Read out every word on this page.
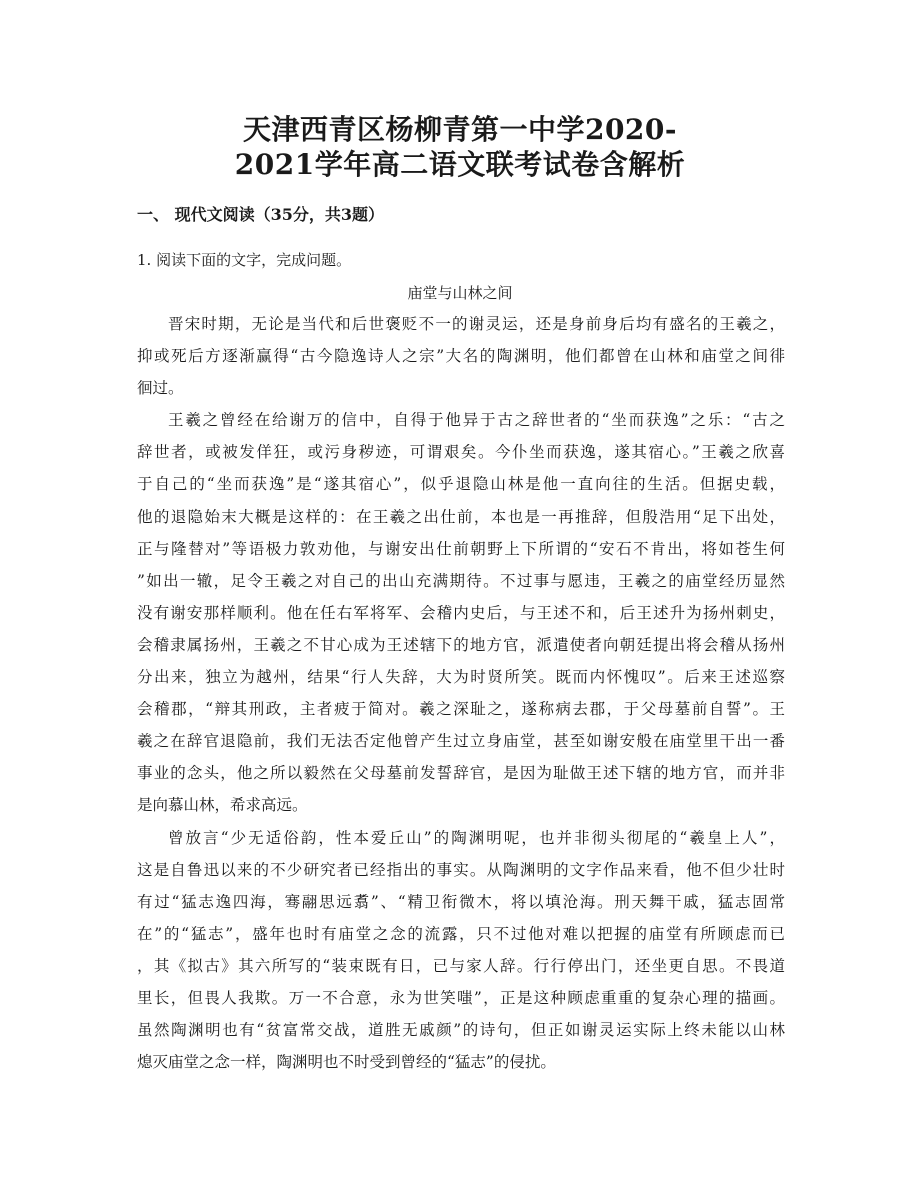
天津西青区杨柳青第一中学2020-
2021学年高二语文联考试卷含解析
一、 现代文阅读（35分，共3题）
1. 阅读下面的文字，完成问题。
庙堂与山林之间
晋宋时期，无论是当代和后世褒贬不一的谢灵运，还是身前身后均有盛名的王羲之，
抑或死后方逐渐赢得“古今隐逸诗人之宗”大名的陶渊明，他们都曾在山林和庙堂之间徘
徊过。
王羲之曾经在给谢万的信中，自得于他异于古之辞世者的“坐而获逸”之乐：“古之
辞世者，或被发佯狂，或污身秽迹，可谓艰矣。今仆坐而获逸，遂其宿心。”王羲之欣喜
于自己的“坐而获逸”是“遂其宿心”，似乎退隐山林是他一直向往的生活。但据史载，
他的退隐始末大概是这样的：在王羲之出仕前，本也是一再推辞，但殷浩用“足下出处，
正与隆替对”等语极力敦劝他，与谢安出仕前朝野上下所谓的“安石不肯出，将如苍生何
”如出一辙，足令王羲之对自己的出山充满期待。不过事与愿违，王羲之的庙堂经历显然
没有谢安那样顺利。他在任右军将军、会稽内史后，与王述不和，后王述升为扬州刺史，
会稽隶属扬州，王羲之不甘心成为王述辖下的地方官，派遣使者向朝廷提出将会稽从扬州
分出来，独立为越州，结果“行人失辞，大为时贤所笑。既而内怀愧叹”。后来王述巡察
会稽郡，“辩其刑政，主者疲于简对。羲之深耻之，遂称病去郡，于父母墓前自誓”。王
羲之在辞官退隐前，我们无法否定他曾产生过立身庙堂，甚至如谢安般在庙堂里干出一番
事业的念头，他之所以毅然在父母墓前发誓辞官，是因为耻做王述下辖的地方官，而并非
是向慕山林，希求高远。
曾放言“少无适俗韵，性本爱丘山”的陶渊明呢，也并非彻头彻尾的“羲皇上人”，
这是自鲁迅以来的不少研究者已经指出的事实。从陶渊明的文字作品来看，他不但少壮时
有过“猛志逸四海，骞翮思远翥”、“精卫衔微木，将以填沧海。刑天舞干戚，猛志固常
在”的“猛志”，盛年也时有庙堂之念的流露，只不过他对难以把握的庙堂有所顾虑而已
，其《拟古》其六所写的“装束既有日，已与家人辞。行行停出门，还坐更自思。不畏道
里长，但畏人我欺。万一不合意，永为世笑嗤”，正是这种顾虑重重的复杂心理的描画。
虽然陶渊明也有“贫富常交战，道胜无戚颜”的诗句，但正如谢灵运实际上终未能以山林
熄灭庙堂之念一样，陶渊明也不时受到曾经的“猛志”的侵扰。
